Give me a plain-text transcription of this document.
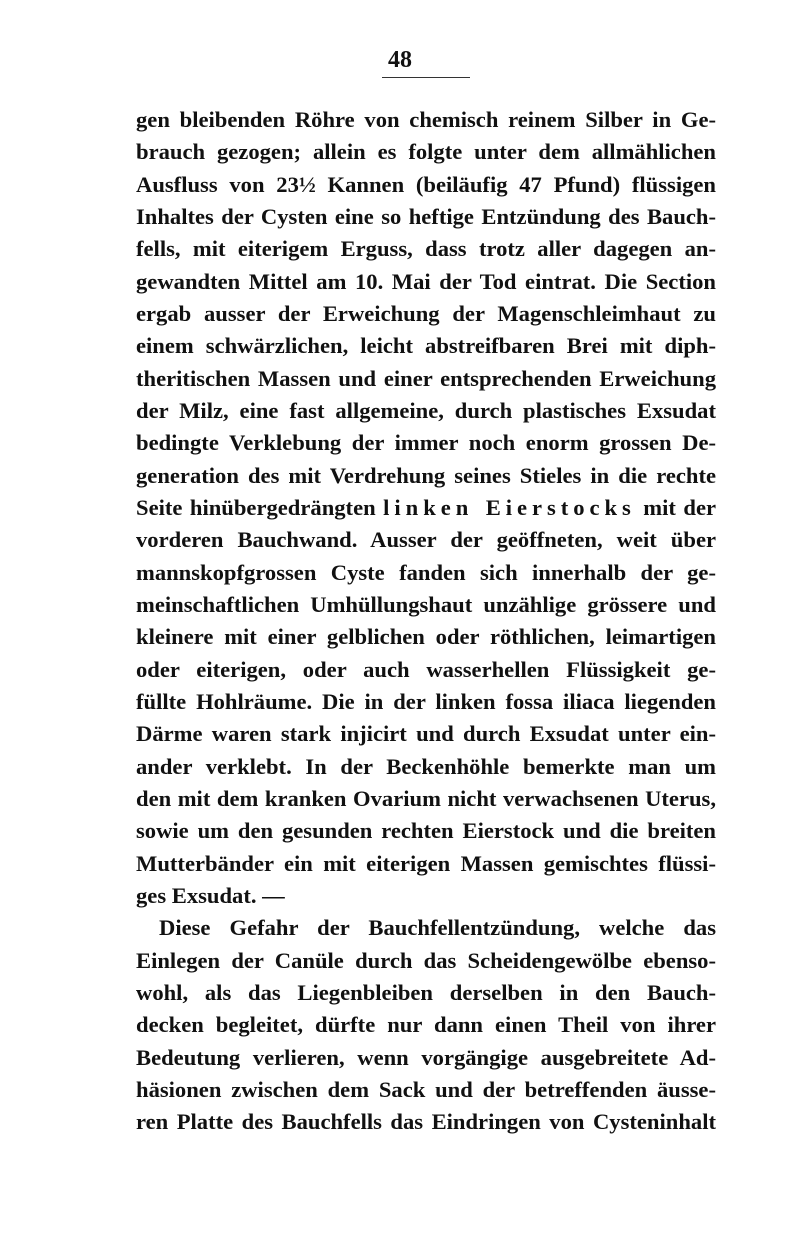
48
gen bleibenden Röhre von chemisch reinem Silber in Ge-
brauch gezogen; allein es folgte unter dem allmählichen
Ausfluss von 23½ Kannen (beiläufig 47 Pfund) flüssigen
Inhaltes der Cysten eine so heftige Entzündung des Bauch-
fells, mit eiterigem Erguss, dass trotz aller dagegen an-
gewandten Mittel am 10. Mai der Tod eintrat. Die Section
ergab ausser der Erweichung der Magenschleimhaut zu
einem schwärzlichen, leicht abstreifbaren Brei mit diph-
theritischen Massen und einer entsprechenden Erweichung
der Milz, eine fast allgemeine, durch plastisches Exsudat
bedingte Verklebung der immer noch enorm grossen De-
generation des mit Verdrehung seines Stieles in die rechte
Seite hinübergedrängten linken Eierstocks mit der
vorderen Bauchwand. Ausser der geöffneten, weit über
mannskopfgrossen Cyste fanden sich innerhalb der ge-
meinschaftlichen Umhüllungshaut unzählige grössere und
kleinere mit einer gelblichen oder röthlichen, leimartigen
oder eiterigen, oder auch wasserhellen Flüssigkeit ge-
füllte Hohlräume. Die in der linken fossa iliaca liegenden
Därme waren stark injicirt und durch Exsudat unter ein-
ander verklebt. In der Beckenhöhle bemerkte man um
den mit dem kranken Ovarium nicht verwachsenen Uterus,
sowie um den gesunden rechten Eierstock und die breiten
Mutterbänder ein mit eiterigen Massen gemischtes flüssi-
ges Exsudat. —
Diese Gefahr der Bauchfellentzündung, welche das
Einlegen der Canüle durch das Scheidengewölbe ebenso-
wohl, als das Liegenbleiben derselben in den Bauch-
decken begleitet, dürfte nur dann einen Theil von ihrer
Bedeutung verlieren, wenn vorgängige ausgebreitete Ad-
häsionen zwischen dem Sack und der betreffenden äusse-
ren Platte des Bauchfells das Eindringen von Cysteninhalt
